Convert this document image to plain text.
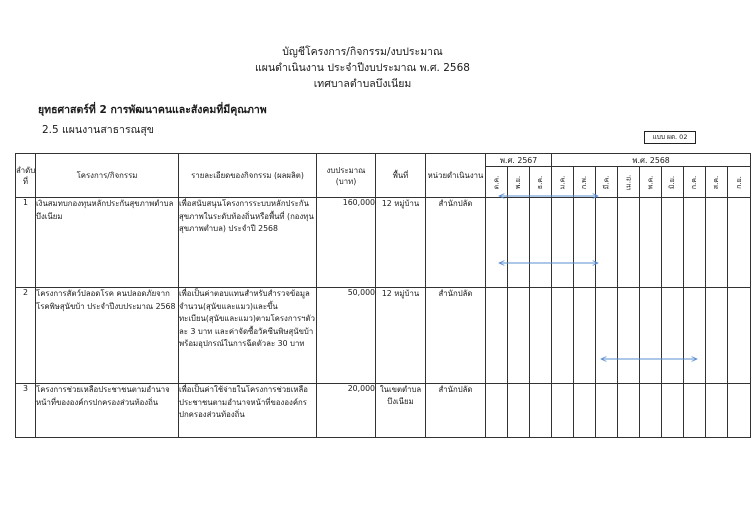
บัญชีโครงการ/กิจกรรม/งบประมาณ
แผนดำเนินงาน ประจำปีงบประมาณ พ.ศ. 2568
เทศบาลตำบลบึงเนียม
ยุทธศาสตร์ที่ 2 การพัฒนาคนและสังคมที่มีคุณภาพ
2.5 แผนงานสาธารณสุข
แบบ ผด. 02
ลำดับที่	โครงการ/กิจกรรม	รายละเอียดของกิจกรรม (ผลผลิต)	งบประมาณ (บาท)	พื้นที่	หน่วยดำเนินงาน	พ.ศ. 2567			พ.ศ. 2568								
						ต.ค.	พ.ย.	ธ.ค.	ม.ค.	ก.พ.	มี.ค.	เม.ย.	พ.ค.	มิ.ย.	ก.ค.	ส.ค.	ก.ย.
1	เงินสมทบกองทุนหลักประกันสุขภาพตำบลบึงเนียม	เพื่อสนับสนุนโครงการระบบหลักประกันสุขภาพในระดับท้องถิ่นหรือพื้นที่ (กองทุนสุขภาพตำบล) ประจำปี 2568	160,000	12 หมู่บ้าน	สำนักปลัด												
2	โครงการสัตว์ปลอดโรค คนปลอดภัยจากโรคพิษสุนัขบ้า ประจำปีงบประมาณ 2568	เพื่อเป็นค่าตอบแทนสำหรับสำรวจข้อมูลจำนวน(สุนัขและแมว)และขึ้นทะเบียน(สุนัขและแมว)ตามโครงการฯตัวละ 3 บาท และค่าจัดซื้อวัคซีนพิษสุนัขบ้าพร้อมอุปกรณ์ในการฉีดตัวละ 30 บาท	50,000	12 หมู่บ้าน	สำนักปลัด												
3	โครงการช่วยเหลือประชาชนตามอำนาจหน้าที่ขององค์กรปกครองส่วนท้องถิ่น	เพื่อเป็นค่าใช้จ่ายในโครงการช่วยเหลือประชาชนตามอำนาจหน้าที่ขององค์กรปกครองส่วนท้องถิ่น	20,000	ในเขตตำบลบึงเนียม	สำนักปลัด												
